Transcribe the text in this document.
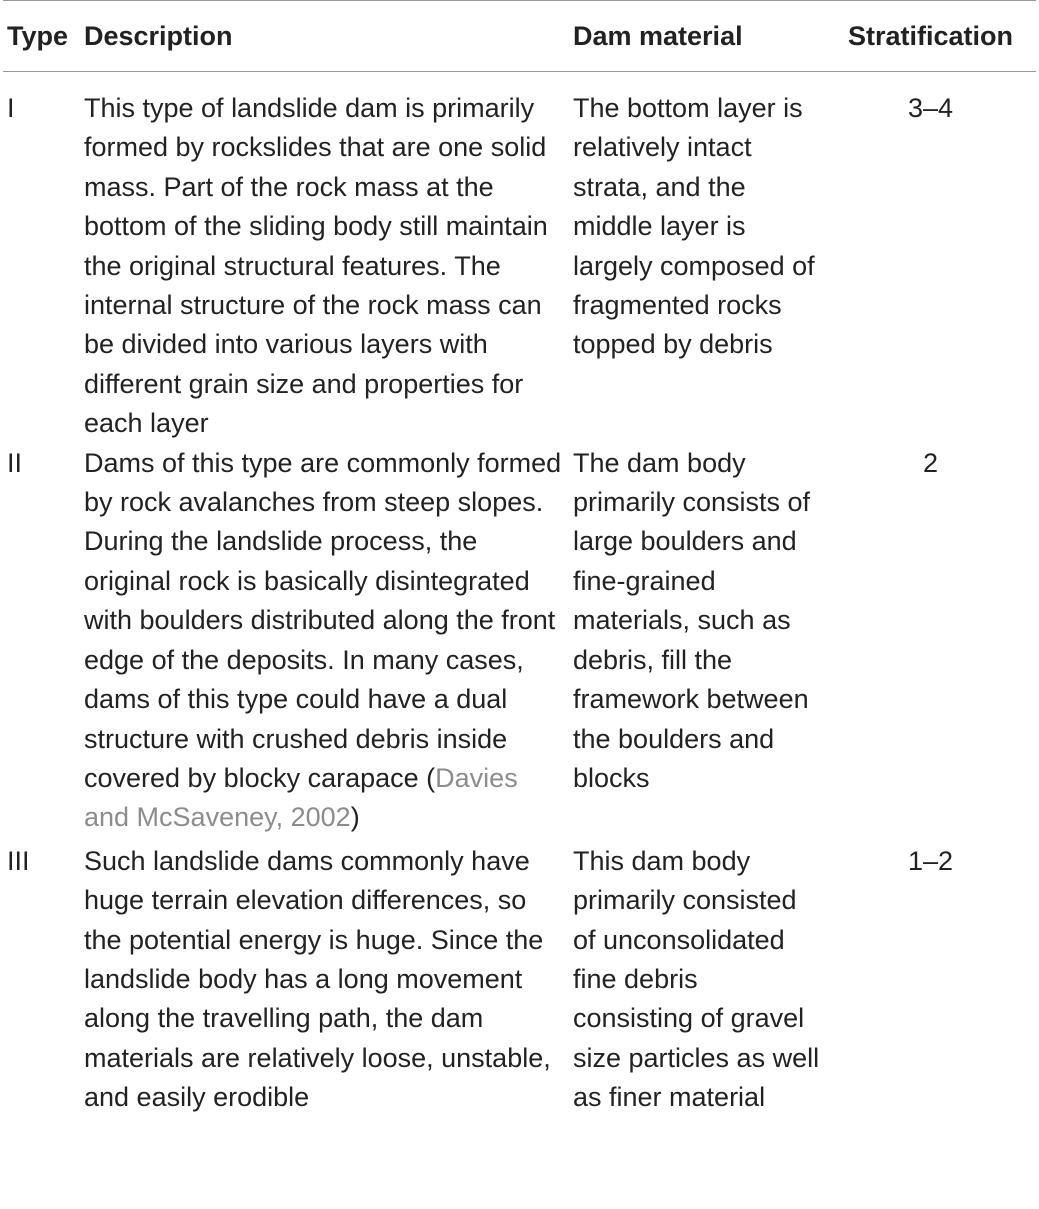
Type	Description	Dam material	Stratification
I	This type of landslide dam is primarily formed by rockslides that are one solid mass. Part of the rock mass at the bottom of the sliding body still maintain the original structural features. The internal structure of the rock mass can be divided into various layers with different grain size and properties for each layer	The bottom layer is relatively intact strata, and the middle layer is largely composed of fragmented rocks topped by debris	3–4
II	Dams of this type are commonly formed by rock avalanches from steep slopes. During the landslide process, the original rock is basically disintegrated with boulders distributed along the front edge of the deposits. In many cases, dams of this type could have a dual structure with crushed debris inside covered by blocky carapace (Davies and McSaveney, 2002)	The dam body primarily consists of large boulders and fine-grained materials, such as debris, fill the framework between the boulders and blocks	2
III	Such landslide dams commonly have huge terrain elevation differences, so the potential energy is huge. Since the landslide body has a long movement along the travelling path, the dam materials are relatively loose, unstable, and easily erodible	This dam body primarily consisted of unconsolidated fine debris consisting of gravel size particles as well as finer material	1–2
